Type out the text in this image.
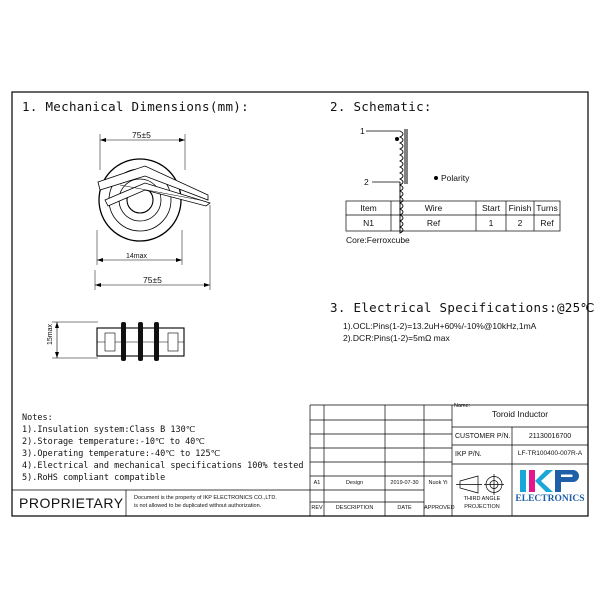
1. Mechanical Dimensions(mm):	2. Schematic:
3. Electrical Specifications:@25℃
75±5
14max
75±5
15max
1
2	Polarity
Item	Wire	Start	Finish Turns
N1	Ref	1	2	Ref
Core:Ferroxcube
1).OCL:Pins(1-2)=13.2uH+60%/-10%@10kHz,1mA
2).DCR:Pins(1-2)=5mΩ max
Notes:
1).Insulation system:Class B 130℃
2).Storage temperature:-10℃ to 40℃
3).Operating temperature:-40℃ to 125℃
4).Electrical and mechanical specifications 100% tested
5).RoHS compliant compatible
PROPRIETARY Document is the property of IKP ELECTRONICS CO.,LTD.
is not allowed to be duplicated without authorization.
Name:
Toroid Inductor
CUSTOMER P/N.	21130016700
IKP P/N.	LF-TR100400-007R-A
A1	Design	2019-07-30	Nuok Yi
REV	DESCRIPTION	DATE	APPROVED
THIRD ANGLE
PROJECTION
ELECTRONICS
